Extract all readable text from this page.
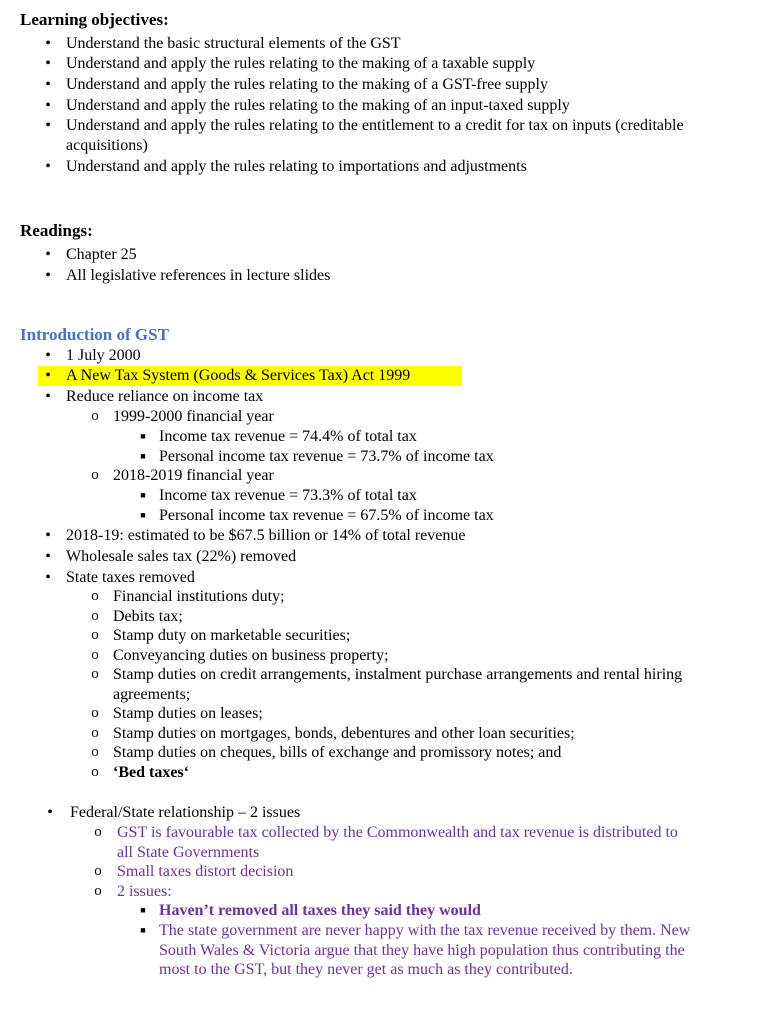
Learning objectives:
• Understand the basic structural elements of the GST
• Understand and apply the rules relating to the making of a taxable supply
• Understand and apply the rules relating to the making of a GST-free supply
• Understand and apply the rules relating to the making of an input-taxed supply
• Understand and apply the rules relating to the entitlement to a credit for tax on inputs (creditable
acquisitions)
• Understand and apply the rules relating to importations and adjustments
Readings:
• Chapter 25
• All legislative references in lecture slides
Introduction of GST
• 1 July 2000
• A New Tax System (Goods & Services Tax) Act 1999
• Reduce reliance on income tax
o 1999-2000 financial year
■ Income tax revenue = 74.4% of total tax
■ Personal income tax revenue = 73.7% of income tax
o 2018-2019 financial year
■ Income tax revenue = 73.3% of total tax
■ Personal income tax revenue = 67.5% of income tax
• 2018-19: estimated to be $67.5 billion or 14% of total revenue
• Wholesale sales tax (22%) removed
• State taxes removed
o Financial institutions duty;
o Debits tax;
o Stamp duty on marketable securities;
o Conveyancing duties on business property;
o Stamp duties on credit arrangements, instalment purchase arrangements and rental hiring
agreements;
o Stamp duties on leases;
o Stamp duties on mortgages, bonds, debentures and other loan securities;
o Stamp duties on cheques, bills of exchange and promissory notes; and
o ‘Bed taxes‘
•	Federal/State relationship – 2 issues
o GST is favourable tax collected by the Commonwealth and tax revenue is distributed to
all State Governments
o Small taxes distort decision
o 2 issues:
■ Haven’t removed all taxes they said they would
■ The state government are never happy with the tax revenue received by them. New
South Wales & Victoria argue that they have high population thus contributing the
most to the GST, but they never get as much as they contributed.
